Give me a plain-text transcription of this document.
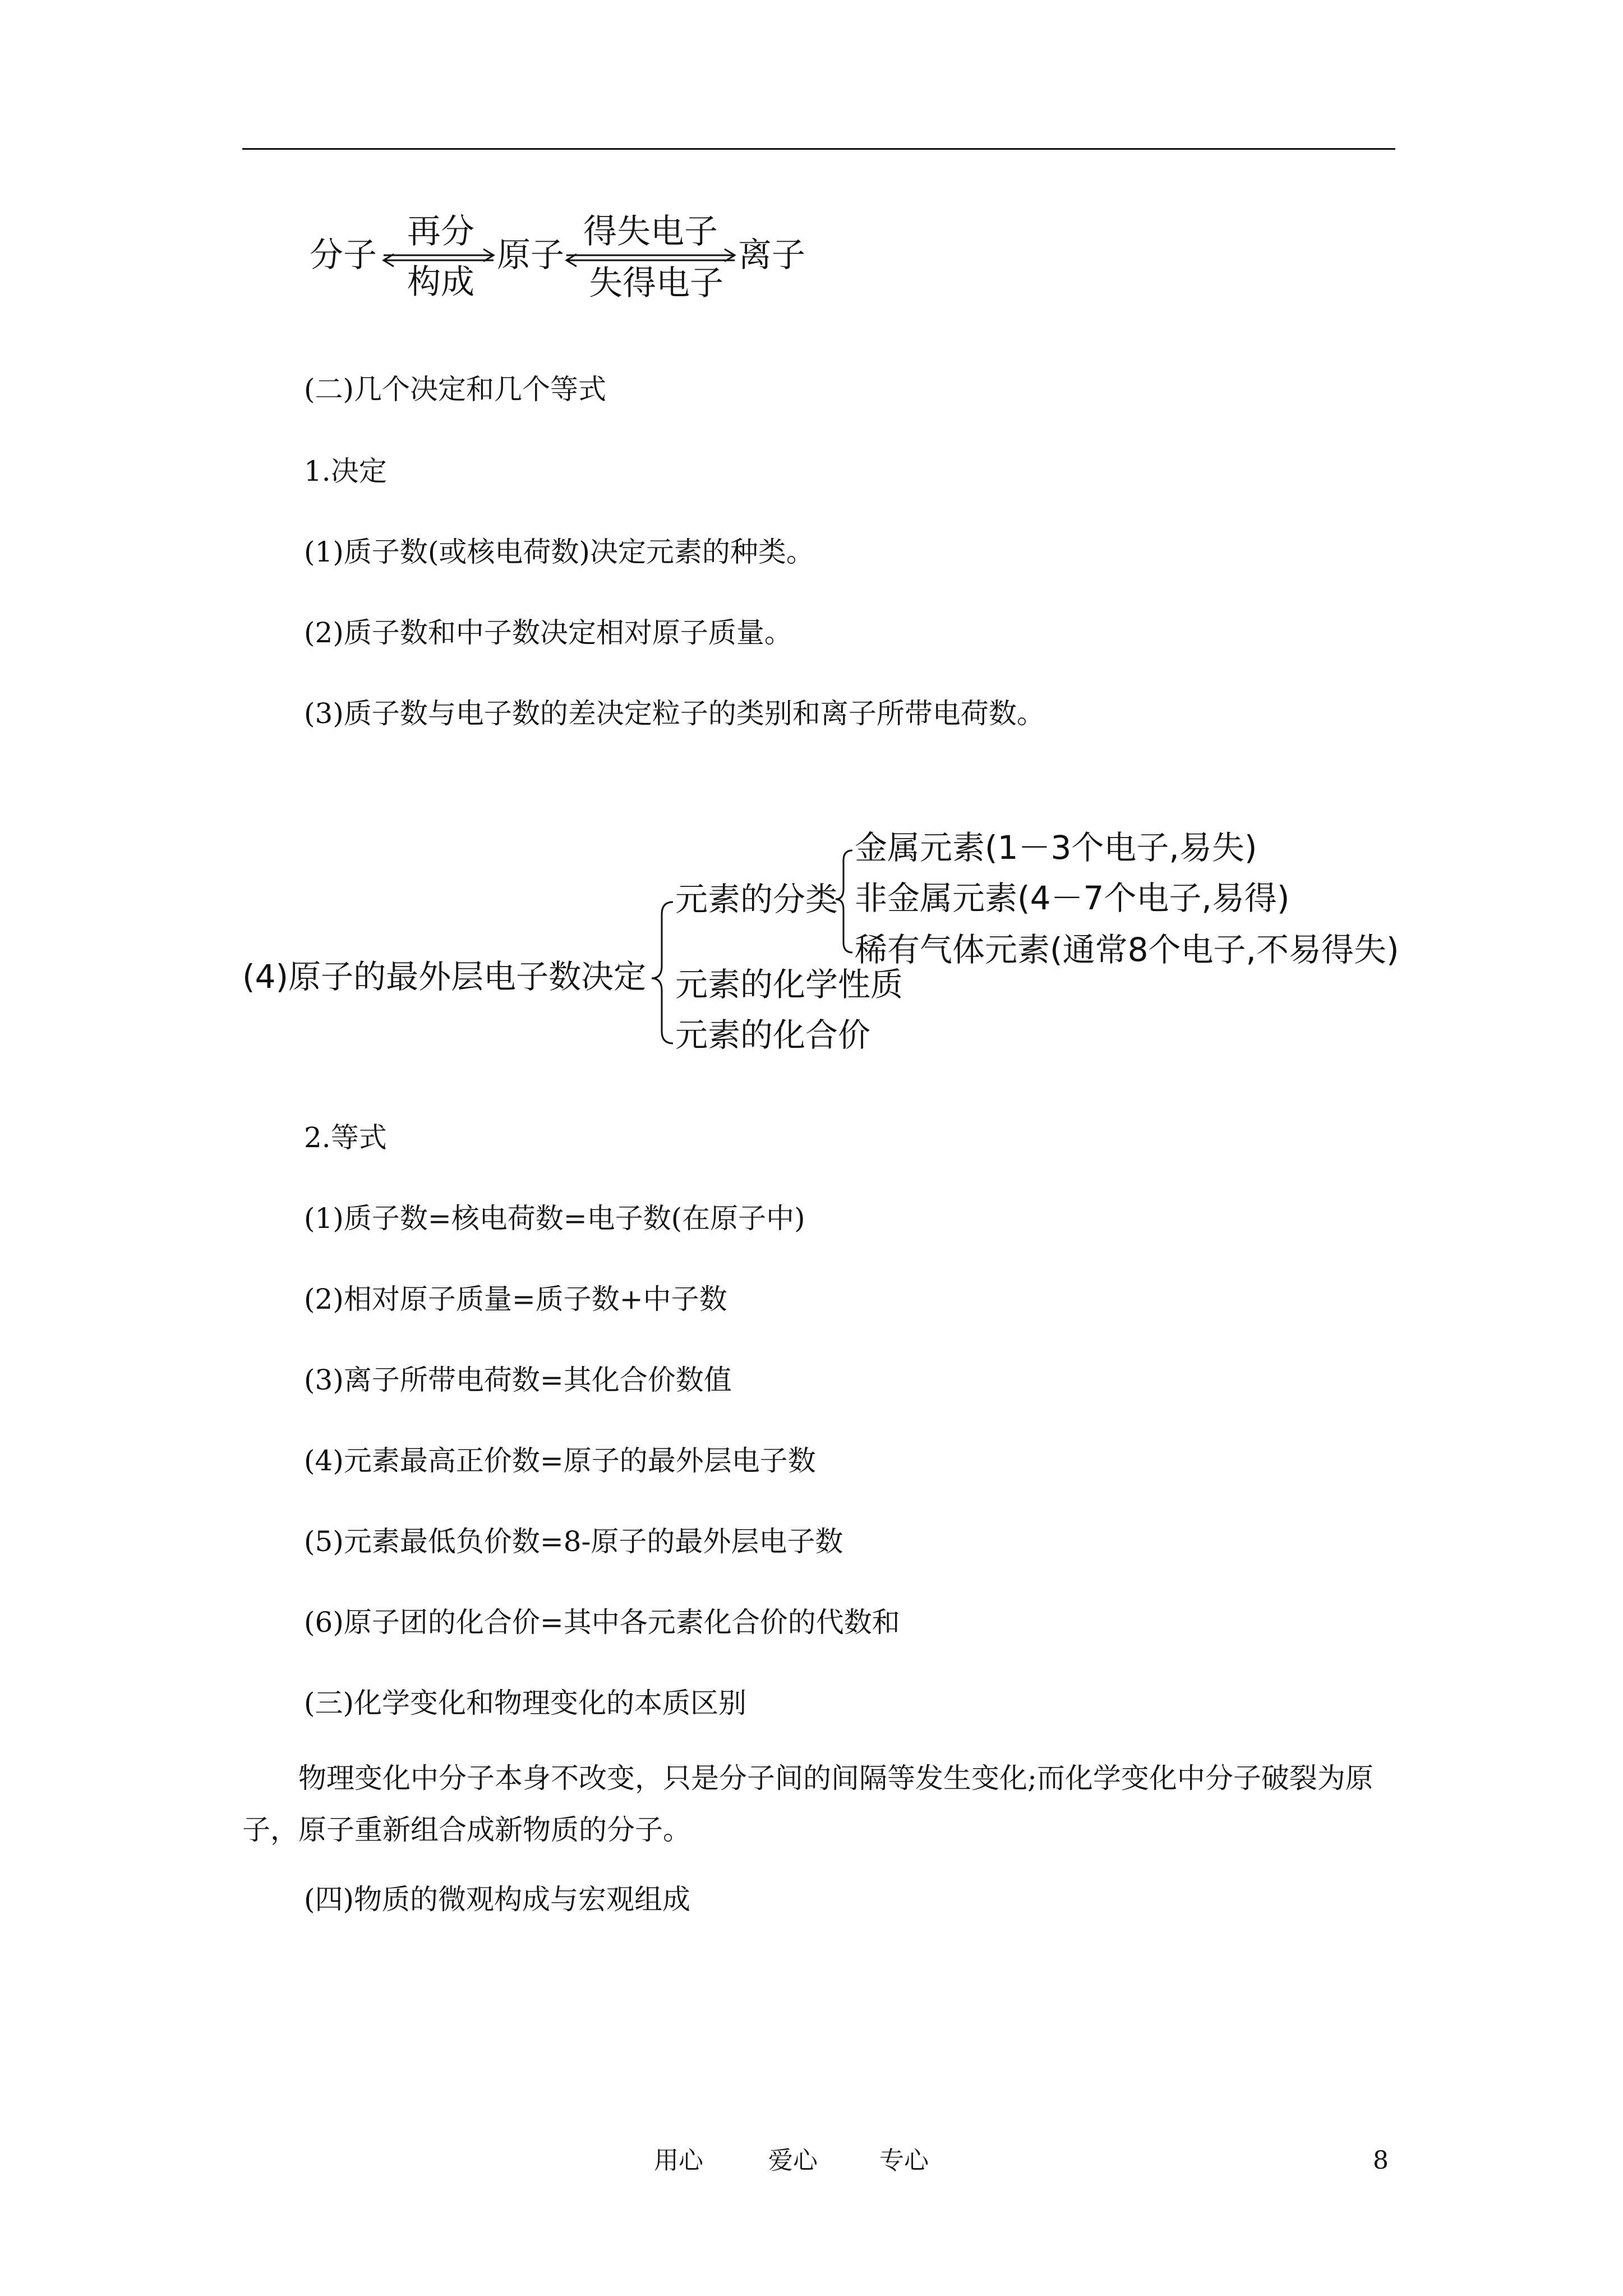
分子
再分
构成
原子
得失电子
失得电子
离子
(二)几个决定和几个等式
1.决定
(1)质子数(或核电荷数)决定元素的种类。
(2)质子数和中子数决定相对原子质量。
(3)质子数与电子数的差决定粒子的类别和离子所带电荷数。
(4)原子的最外层电子数决定
元素的分类
元素的化学性质
元素的化合价
金属元素(1－3个电子,易失)
非金属元素(4－7个电子,易得)
稀有气体元素(通常8个电子,不易得失)
2.等式
(1)质子数=核电荷数=电子数(在原子中)
(2)相对原子质量=质子数+中子数
(3)离子所带电荷数=其化合价数值
(4)元素最高正价数=原子的最外层电子数
(5)元素最低负价数=8-原子的最外层电子数
(6)原子团的化合价=其中各元素化合价的代数和
(三)化学变化和物理变化的本质区别
物理变化中分子本身不改变，只是分子间的间隔等发生变化;而化学变化中分子破裂为原子，原子重新组合成新物质的分子。
(四)物质的微观构成与宏观组成
用心	爱心	专心	8
